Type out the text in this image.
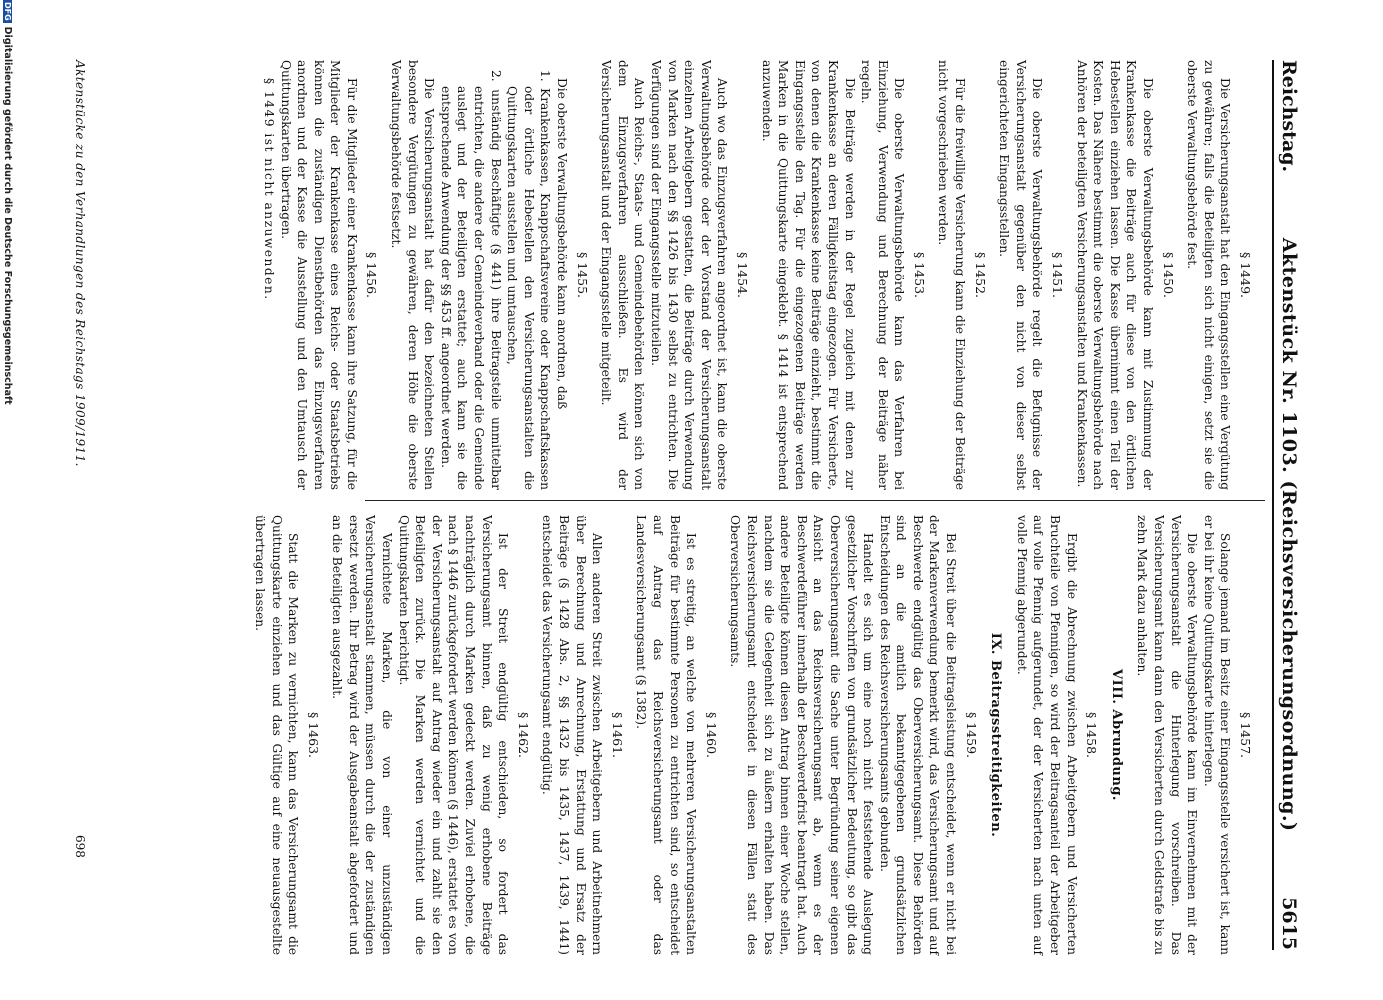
Reichstag.
Aktenstück Nr. 1103. (Reichsversicherungsordnung.)
5615
§ 1449.

Die Versicherungsanstalt hat den Eingangsstellen eine Vergütung zu gewähren; falls die Beteiligten sich nicht einigen, setzt sie die oberste Verwaltungsbehörde fest.

§ 1450.

Die oberste Verwaltungsbehörde kann mit Zustimmung der Krankenkasse die Beiträge auch für diese von den örtlichen Hebestellen einziehen lassen. Die Kasse übernimmt einen Teil der Kosten. Das Nähere bestimmt die oberste Verwaltungsbehörde nach Anhören der beteiligten Versicherungsanstalten und Krankenkassen.

§ 1451.

Die oberste Verwaltungsbehörde regelt die Befugnisse der Versicherungsanstalt gegenüber den nicht von dieser selbst eingerichteten Eingangsstellen.

§ 1452.

Für die freiwillige Versicherung kann die Einziehung der Beiträge nicht vorgeschrieben werden.

§ 1453.

Die oberste Verwaltungsbehörde kann das Verfahren bei Einziehung, Verwendung und Berechnung der Beiträge näher regeln.

Die Beiträge werden in der Regel zugleich mit denen zur Krankenkasse an deren Fälligkeitstag eingezogen. Für Versicherte, von denen die Krankenkasse keine Beiträge einzieht, bestimmt die Eingangsstelle den Tag. Für die eingezogenen Beiträge werden Marken in die Quittungskarte eingeklebt. § 1414 ist entsprechend anzuwenden.

§ 1454.

Auch wo das Einzugsverfahren angeordnet ist, kann die oberste Verwaltungsbehörde oder der Vorstand der Versicherungsanstalt einzelnen Arbeitgebern gestatten, die Beiträge durch Verwendung von Marken nach den §§ 1426 bis 1430 selbst zu entrichten. Die Verfügungen sind der Eingangsstelle mitzuteilen.

Auch Reichs-, Staats- und Gemeindebehörden können sich von dem Einzugsverfahren ausschließen. Es wird der Versicherungsanstalt und der Eingangsstelle mitgeteilt.

§ 1455.

Die oberste Verwaltungsbehörde kann anordnen, daß

1. Krankenkassen, Knappschaftsvereine oder Knappschaftskassen oder örtliche Hebestellen den Versicherungsanstalten die Quittungskarten ausstellen und umtauschen,

2. unständig Beschäftigte (§ 441) ihre Beitragsteile unmittelbar entrichten, die andere der Gemeindeverband oder die Gemeinde auslegt und der Beteiligten erstattet; auch kann sie die entsprechende Anwendung der §§ 453 ff. angeordnet werden.

Die Versicherungsanstalt hat dafür den bezeichneten Stellen besondere Vergütungen zu gewähren, deren Höhe die oberste Verwaltungsbehörde festsetzt.

§ 1456.

Für die Mitglieder einer Krankenkasse kann ihre Satzung, für die Mitglieder der Krankenkasse eines Reichs- oder Staatsbetriebs können die zuständigen Dienstbehörden das Einzugsverfahren anordnen und der Kasse die Ausstellung und den Umtausch der Quittungskarten übertragen.

§ 1449 ist nicht anzuwenden.

§ 1457.

Solange jemand im Besitz einer Eingangsstelle versichert ist, kann er bei ihr keine Quittungskarte hinterlegen.

Die oberste Verwaltungsbehörde kann im Einvernehmen mit der Versicherungsanstalt die Hinterlegung vorschreiben. Das Versicherungsamt kann dann den Versicherten durch Geldstrafe bis zu zehn Mark dazu anhalten.

VIII. Abrundung.
§ 1458.

Ergibt die Abrechnung zwischen Arbeitgebern und Versicherten Bruchteile von Pfennigen, so wird der Beitragsanteil der Arbeitgeber auf volle Pfennig aufgerundet, der der Versicherten nach unten auf volle Pfennig abgerundet.

IX. Beitragsstreitigkeiten.
§ 1459.

Bei Streit über die Beitragsleistung entscheidet, wenn er nicht bei der Markenverwendung bemerkt wird, das Versicherungsamt und auf Beschwerde endgültig das Oberversicherungsamt. Diese Behörden sind an die amtlich bekanntgegebenen grundsätzlichen Entscheidungen des Reichsversicherungsamts gebunden.

Handelt es sich um eine noch nicht feststehende Auslegung gesetzlicher Vorschriften von grundsätzlicher Bedeutung, so gibt das Oberversicherungsamt die Sache unter Begründung seiner eigenen Ansicht an das Reichsversicherungsamt ab, wenn es der Beschwerdeführer innerhalb der Beschwerdefrist beantragt hat. Auch andere Beteiligte können diesen Antrag binnen einer Woche stellen, nachdem sie die Gelegenheit sich zu äußern erhalten haben. Das Reichsversicherungsamt entscheidet in diesen Fällen statt des Oberversicherungsamts.

§ 1460.

Ist es streitig, an welche von mehreren Versicherungsanstalten Beiträge für bestimmte Personen zu entrichten sind, so entscheidet auf Antrag das Reichsversicherungsamt oder das Landesversicherungsamt (§ 1382).

§ 1461.

Allen anderen Streit zwischen Arbeitgebern und Arbeitnehmern über Berechnung und Anrechnung, Erstattung und Ersatz der Beiträge (§ 1428 Abs. 2, §§ 1432 bis 1435, 1437, 1439, 1441) entscheidet das Versicherungsamt endgültig.

§ 1462.

Ist der Streit endgültig entschieden, so fordert das Versicherungsamt binnen, daß zu wenig erhobene Beiträge nachträglich durch Marken gedeckt werden. Zuviel erhobene, die nach § 1446 zurückgefordert werden können (§ 1446), erstattet es von der Versicherungsanstalt auf Antrag wieder ein und zahlt sie den Beteiligten zurück. Die Marken werden vernichtet und die Quittungskarten berichtigt.

Vernichtete Marken, die von einer unzuständigen Versicherungsanstalt stammen, müssen durch die der zuständigen ersetzt werden. Ihr Betrag wird der Ausgabeanstalt abgefordert und an die Beteiligten ausgezahlt.

§ 1463.

Statt die Marken zu vernichten, kann das Versicherungsamt die Quittungskarte einziehen und das Gültige auf eine neuausgestellte übertragen lassen.

Aktenstücke zu den Verhandlungen des Reichstags 1909/1911.
698
DFGDigitalisierung gefördert durch die Deutsche Forschungsgemeinschaft
